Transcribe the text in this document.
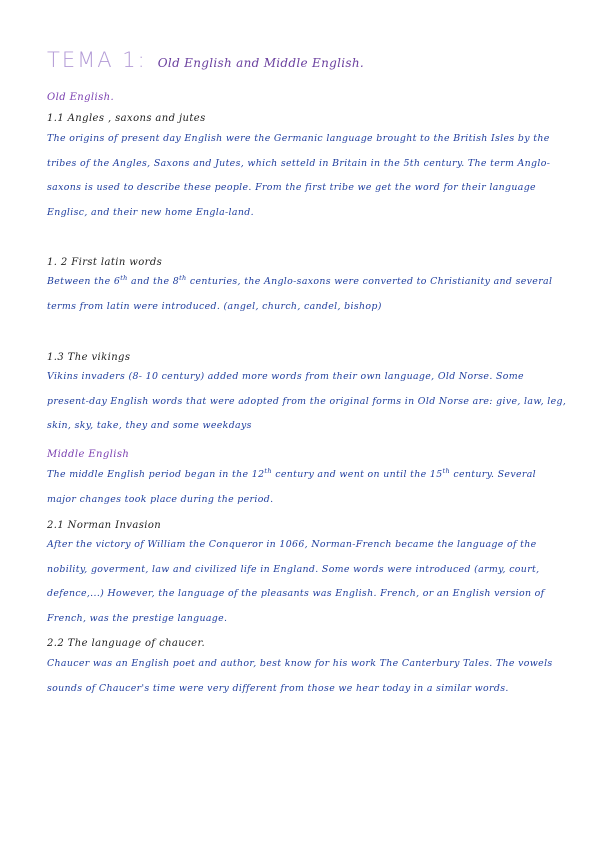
TEMA 1: Old English and Middle English.
Old English.
1.1 Angles , saxons and jutes

The origins of present day English were the Germanic language brought to the British Isles by the tribes of the Angles, Saxons and Jutes, which setteld in Britain in the 5th century. The term Anglo-saxons is used to describe these people. From the first tribe we get the word for their language Englisc, and their new home Engla-land.

1. 2 First latin words

Between the 6th and the 8th centuries, the Anglo-saxons were converted to Christianity and several terms from latin were introduced. (angel, church, candel, bishop)

1.3 The vikings

Vikins invaders (8- 10 century) added more words from their own language, Old Norse. Some present-day English words that were adopted from the original forms in Old Norse are: give, law, leg, skin, sky, take, they and some weekdays

Middle English

The middle English period began in the 12th century and went on until the 15th century. Several major changes took place during the period.

2.1 Norman Invasion

After the victory of William the Conqueror in 1066, Norman-French became the language of the nobility, goverment, law and civilized life in England. Some words were introduced (army, court, defence,...) However, the language of the pleasants was English. French, or an English version of French, was the prestige language.

2.2 The language of chaucer.

Chaucer was an English poet and author, best know for his work The Canterbury Tales. The vowels sounds of Chaucer's time were very different from those we hear today in a similar words.
